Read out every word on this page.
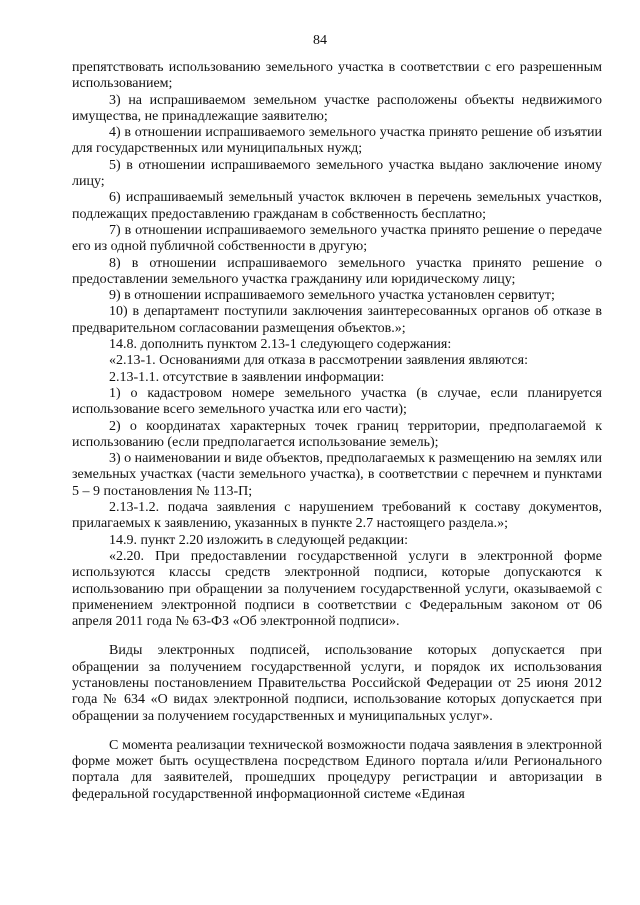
84

препятствовать использованию земельного участка в соответствии с его разрешенным использованием;

3) на испрашиваемом земельном участке расположены объекты недвижимого имущества, не принадлежащие заявителю;

4) в отношении испрашиваемого земельного участка принято решение об изъятии для государственных или муниципальных нужд;

5) в отношении испрашиваемого земельного участка выдано заключение иному лицу;

6) испрашиваемый земельный участок включен в перечень земельных участков, подлежащих предоставлению гражданам в собственность бесплатно;

7) в отношении испрашиваемого земельного участка принято решение о передаче его из одной публичной собственности в другую;

8) в отношении испрашиваемого земельного участка принято решение о предоставлении земельного участка гражданину или юридическому лицу;

9) в отношении испрашиваемого земельного участка установлен сервитут;

10) в департамент поступили заключения заинтересованных органов об отказе в предварительном согласовании размещения объектов.»;

14.8. дополнить пунктом 2.13-1 следующего содержания:

«2.13-1. Основаниями для отказа в рассмотрении заявления являются:

2.13-1.1. отсутствие в заявлении информации:

1) о кадастровом номере земельного участка (в случае, если планируется использование всего земельного участка или его части);

2) о координатах характерных точек границ территории, предполагаемой к использованию (если предполагается использование земель);

3) о наименовании и виде объектов, предполагаемых к размещению на землях или земельных участках (части земельного участка), в соответствии с перечнем и пунктами 5 – 9 постановления № 113-П;

2.13-1.2. подача заявления с нарушением требований к составу документов, прилагаемых к заявлению, указанных в пункте 2.7 настоящего раздела.»;

14.9. пункт 2.20 изложить в следующей редакции:

«2.20. При предоставлении государственной услуги в электронной форме используются классы средств электронной подписи, которые допускаются к использованию при обращении за получением государственной услуги, оказываемой с применением электронной подписи в соответствии с Федеральным законом от 06 апреля 2011 года № 63-ФЗ «Об электронной подписи».

Виды электронных подписей, использование которых допускается при обращении за получением государственной услуги, и порядок их использования установлены постановлением Правительства Российской Федерации от 25 июня 2012 года № 634 «О видах электронной подписи, использование которых допускается при обращении за получением государственных и муниципальных услуг».

С момента реализации технической возможности подача заявления в электронной форме может быть осуществлена посредством Единого портала и/или Регионального портала для заявителей, прошедших процедуру регистрации и авторизации в федеральной государственной информационной системе «Единая
